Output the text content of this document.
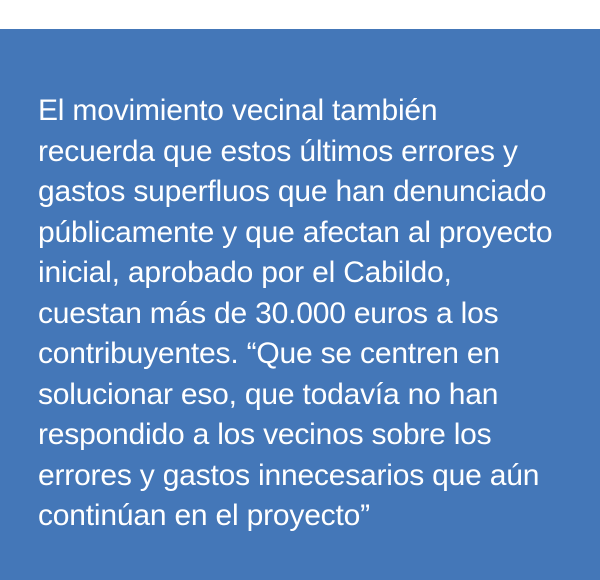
El movimiento vecinal también recuerda que estos últimos errores y gastos superfluos que han denunciado públicamente y que afectan al proyecto inicial, aprobado por el Cabildo, cuestan más de 30.000 euros a los contribuyentes. “Que se centren en solucionar eso, que todavía no han respondido a los vecinos sobre los errores y gastos innecesarios que aún continúan en el proyecto”
